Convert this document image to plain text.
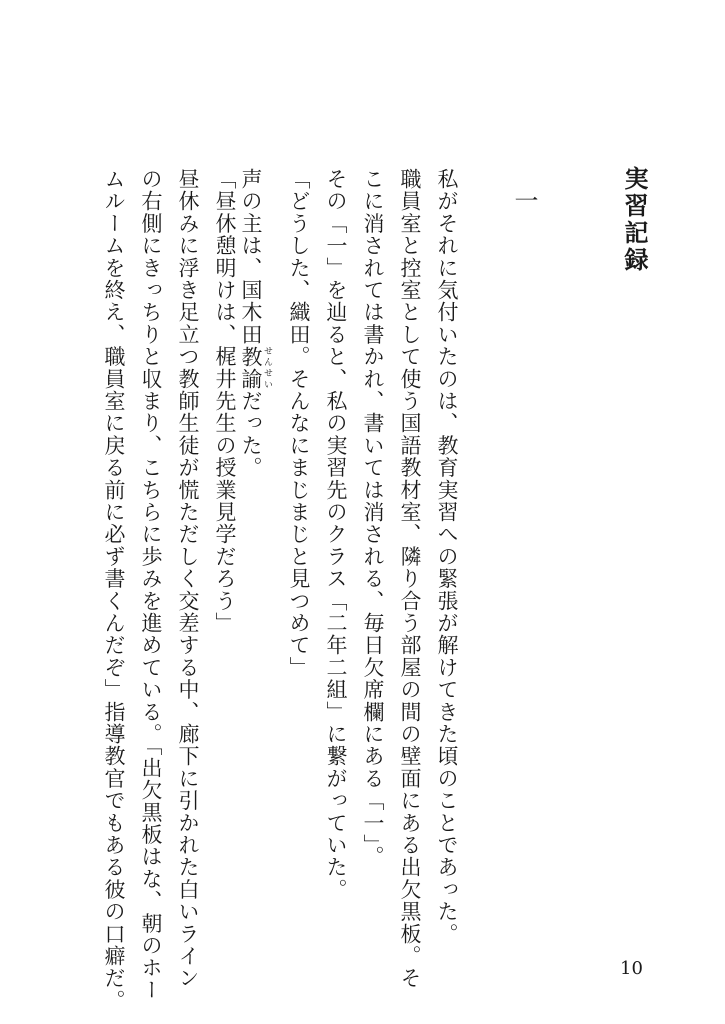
実習記録
一
私がそれに気付いたのは、教育実習への緊張が解けてきた頃のことであった。
職員室と控室として使う国語教材室、隣り合う部屋の間の壁面にある出欠黒板。そ
こに消されては書かれ、書いては消される、毎日欠席欄にある「一」。
その「一」を辿ると、私の実習先のクラス「二年二組」に繋がっていた。
「どうした、織田。そんなにまじまじと見つめて」
声の主は、国木田教諭 せんせいだった。
「昼休憩明けは、梶井先生の授業見学だろう」
昼休みに浮き足立つ教師生徒が慌ただしく交差する中、廊下に引かれた白いライン
の右側にきっちりと収まり、こちらに歩みを進めている。「出欠黒板はな、朝のホー
ムルームを終え、職員室に戻る前に必ず書くんだぞ」指導教官でもある彼の口癖だ。	10
